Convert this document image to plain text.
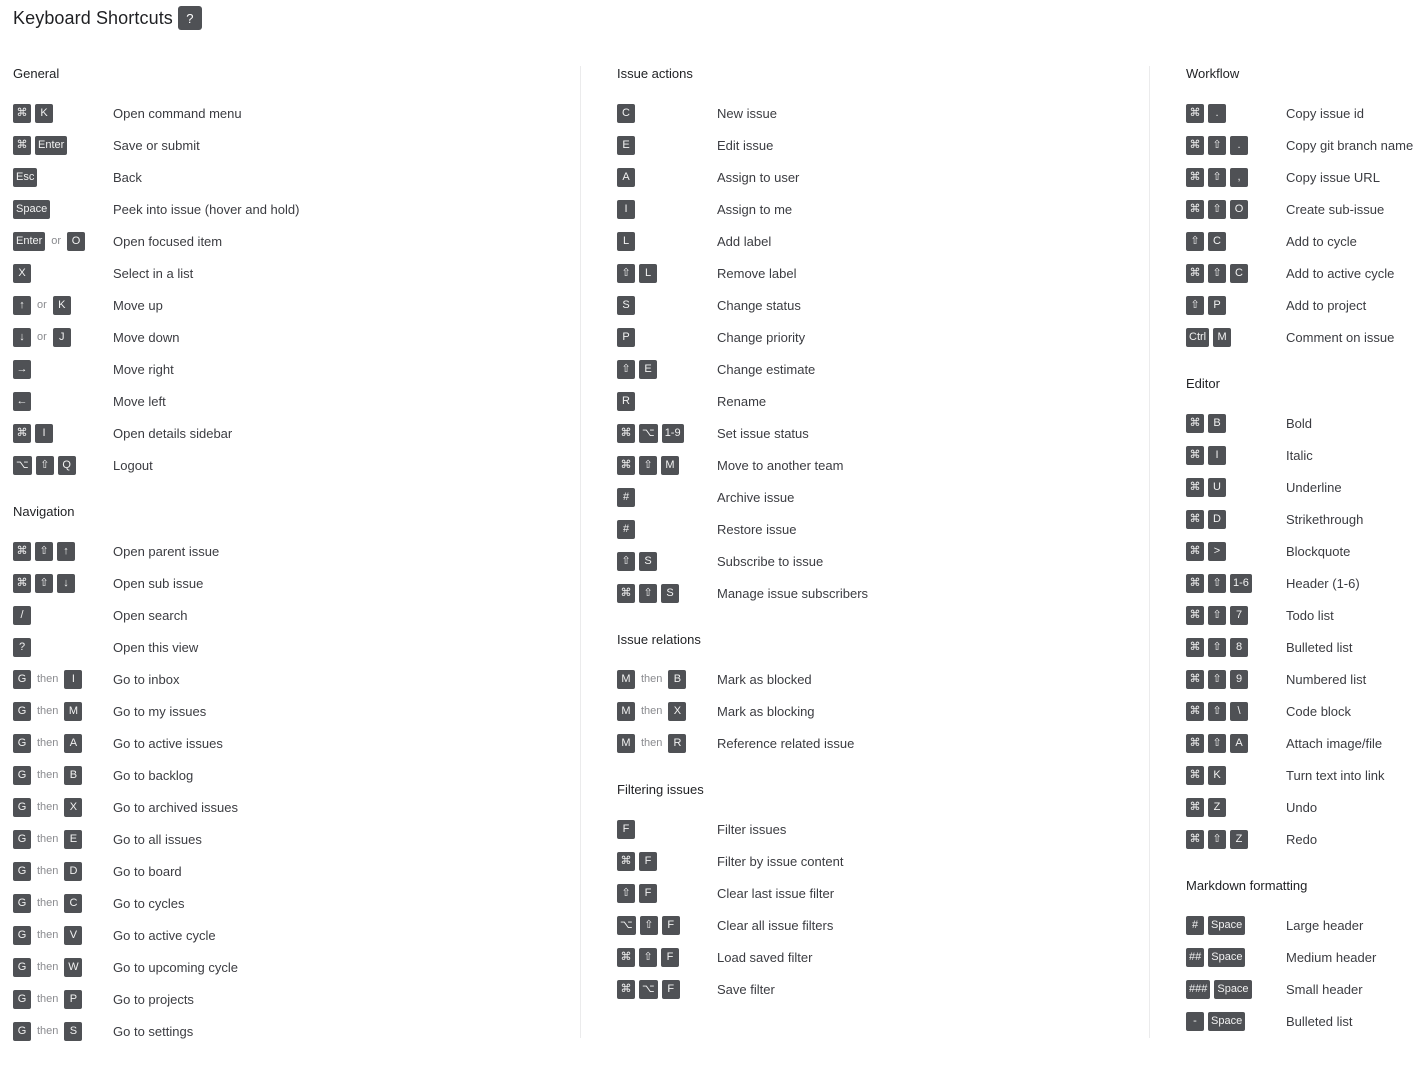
Keyboard Shortcuts	?
General
⌘	K	Open command menu
⌘ Enter	Save or submit
Esc	Back
Space	Peek into issue (hover and hold)
Enter or O	Open focused item
X	Select in a list
↑	or	K	Move up
↓	or	J	Move down
→	Move right
←	Move left
⌘	I	Open details sidebar
⌥	⇧	Q	Logout
Navigation
⌘	⇧	↑	Open parent issue
⌘	⇧	↓	Open sub issue
/	Open search
?	Open this view
G then	I	Go to inbox
G then M	Go to my issues
G then	A	Go to active issues
G then	B	Go to backlog
G then	X	Go to archived issues
G then	E	Go to all issues
G then	D	Go to board
G then	C	Go to cycles
G then	V	Go to active cycle
G then W	Go to upcoming cycle
G then	P	Go to projects
G then	S	Go to settings
Issue actions
C	New issue
E	Edit issue
A	Assign to user
I	Assign to me
L	Add label
⇧	L	Remove label
S	Change status
P	Change priority
⇧	E	Change estimate
R	Rename
⌘ ⌥ 1-9	Set issue status
⌘	⇧	M	Move to another team
#	Archive issue
#	Restore issue
⇧	S	Subscribe to issue
⌘	⇧	S	Manage issue subscribers
Issue relations
M then	B	Mark as blocked
M then	X	Mark as blocking
M then	R	Reference related issue
Filtering issues
F	Filter issues
⌘	F	Filter by issue content
⇧	F	Clear last issue filter
⌥	⇧	F	Clear all issue filters
⌘	⇧	F	Load saved filter
⌘ ⌥	F	Save filter
Workflow
⌘	.	Copy issue id
⌘	⇧	.	Copy git branch name
⌘	⇧	,	Copy issue URL
⌘	⇧	O	Create sub-issue
⇧	C	Add to cycle
⌘	⇧	C	Add to active cycle
⇧	P	Add to project
Ctrl	M	Comment on issue
Editor
⌘	B	Bold
⌘	I	Italic
⌘	U	Underline
⌘	D	Strikethrough
⌘	>	Blockquote
⌘	⇧	1-6	Header (1-6)
⌘	⇧	7	Todo list
⌘	⇧	8	Bulleted list
⌘	⇧	9	Numbered list
⌘	⇧	\	Code block
⌘	⇧	A	Attach image/file
⌘	K	Turn text into link
⌘	Z	Undo
⌘	⇧	Z	Redo
Markdown formatting
#	Space	Large header
## Space	Medium header
### Space	Small header
-	Space	Bulleted list
